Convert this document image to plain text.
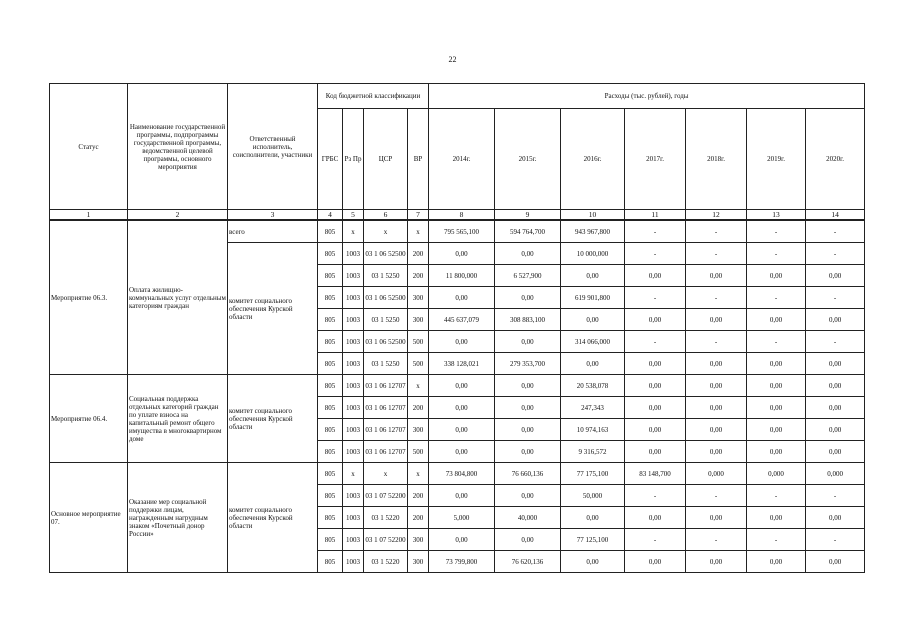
22
Статус	Наименование государственной программы, подпрограммы государственной программы, ведомственной целевой программы, основного мероприятия	Ответственный исполнитель, соисполнители, участники	Код бюджетной классификации				Расходы (тыс. рублей), годы						
			ГРБС	Рз Пр	ЦСР	ВР	2014г.	2015г.	2016г.	2017г.	2018г.	2019г.	2020г.
1	2	3	4	5	6	7	8	9	10	11	12	13	14
Мероприятие 06.3.	Оплата жилищно-коммунальных услуг отдельным категориям граждан	всего	805	х	х	х	795 565,100	594 764,700	943 967,800	-	-	-	-
		комитет социального обеспечения Курской области	805	1003	03 1 06 52500	200	0,00	0,00	10 000,000	-	-	-	-
			805	1003	03 1 5250	200	11 800,000	6 527,900	0,00	0,00	0,00	0,00	0,00
			805	1003	03 1 06 52500	300	0,00	0,00	619 901,800	-	-	-	-
			805	1003	03 1 5250	300	445 637,079	308 883,100	0,00	0,00	0,00	0,00	0,00
			805	1003	03 1 06 52500	500	0,00	0,00	314 066,000	-	-	-	-
			805	1003	03 1 5250	500	338 128,021	279 353,700	0,00	0,00	0,00	0,00	0,00
Мероприятие 06.4.	Социальная поддержка отдельных категорий граждан по уплате взноса на капитальный ремонт общего имущества в многоквартирном доме	комитет социального обеспечения Курской области	805	1003	03 1 06 12707	х	0,00	0,00	20 538,078	0,00	0,00	0,00	0,00
			805	1003	03 1 06 12707	200	0,00	0,00	247,343	0,00	0,00	0,00	0,00
			805	1003	03 1 06 12707	300	0,00	0,00	10 974,163	0,00	0,00	0,00	0,00
			805	1003	03 1 06 12707	500	0,00	0,00	9 316,572	0,00	0,00	0,00	0,00
Основное мероприятие 07.	Оказание мер социальной поддержки лицам, награжденным нагрудным знаком «Почетный донор России»	комитет социального обеспечения Курской области	805	х	х	х	73 804,800	76 660,136	77 175,100	83 148,700	0,000	0,000	0,000
			805	1003	03 1 07 52200	200	0,00	0,00	50,000	-	-	-	-
			805	1003	03 1 5220	200	5,000	40,000	0,00	0,00	0,00	0,00	0,00
			805	1003	03 1 07 52200	300	0,00	0,00	77 125,100	-	-	-	-
			805	1003	03 1 5220	300	73 799,800	76 620,136	0,00	0,00	0,00	0,00	0,00
